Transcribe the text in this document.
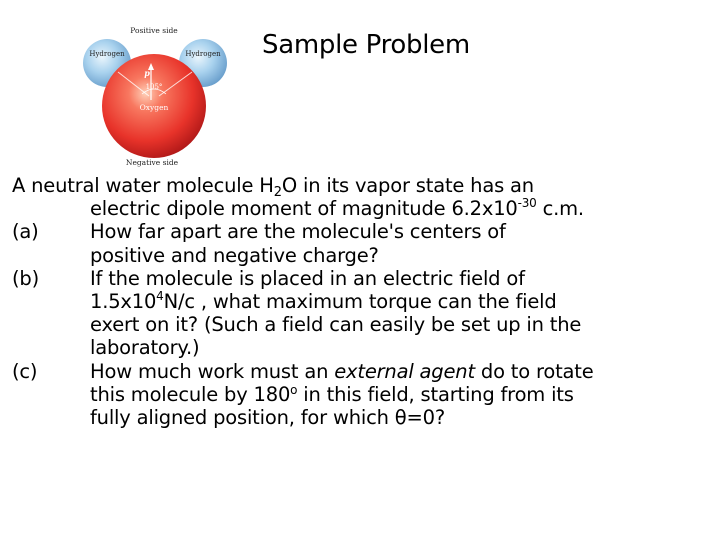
Positive side
Hydrogen	Hydrogen
p
105°
Oxygen
Negative side
Sample Problem
A neutral water molecule $H_2O$ in its vapor state has an
electric dipole moment of magnitude $6.2x10^{-30}$ c.m.
(a)	How far apart are the molecule's centers of
positive and negative charge?
(b)	If the molecule is placed in an electric field of
$1.5x10^4N/c$ , what maximum torque can the field
exert on it? (Such a field can easily be set up in the
laboratory.)
(c)	How much work must an external agent do to rotate
this molecule by 180$^o$ in this field, starting from its
fully aligned position, for which θ=0?
